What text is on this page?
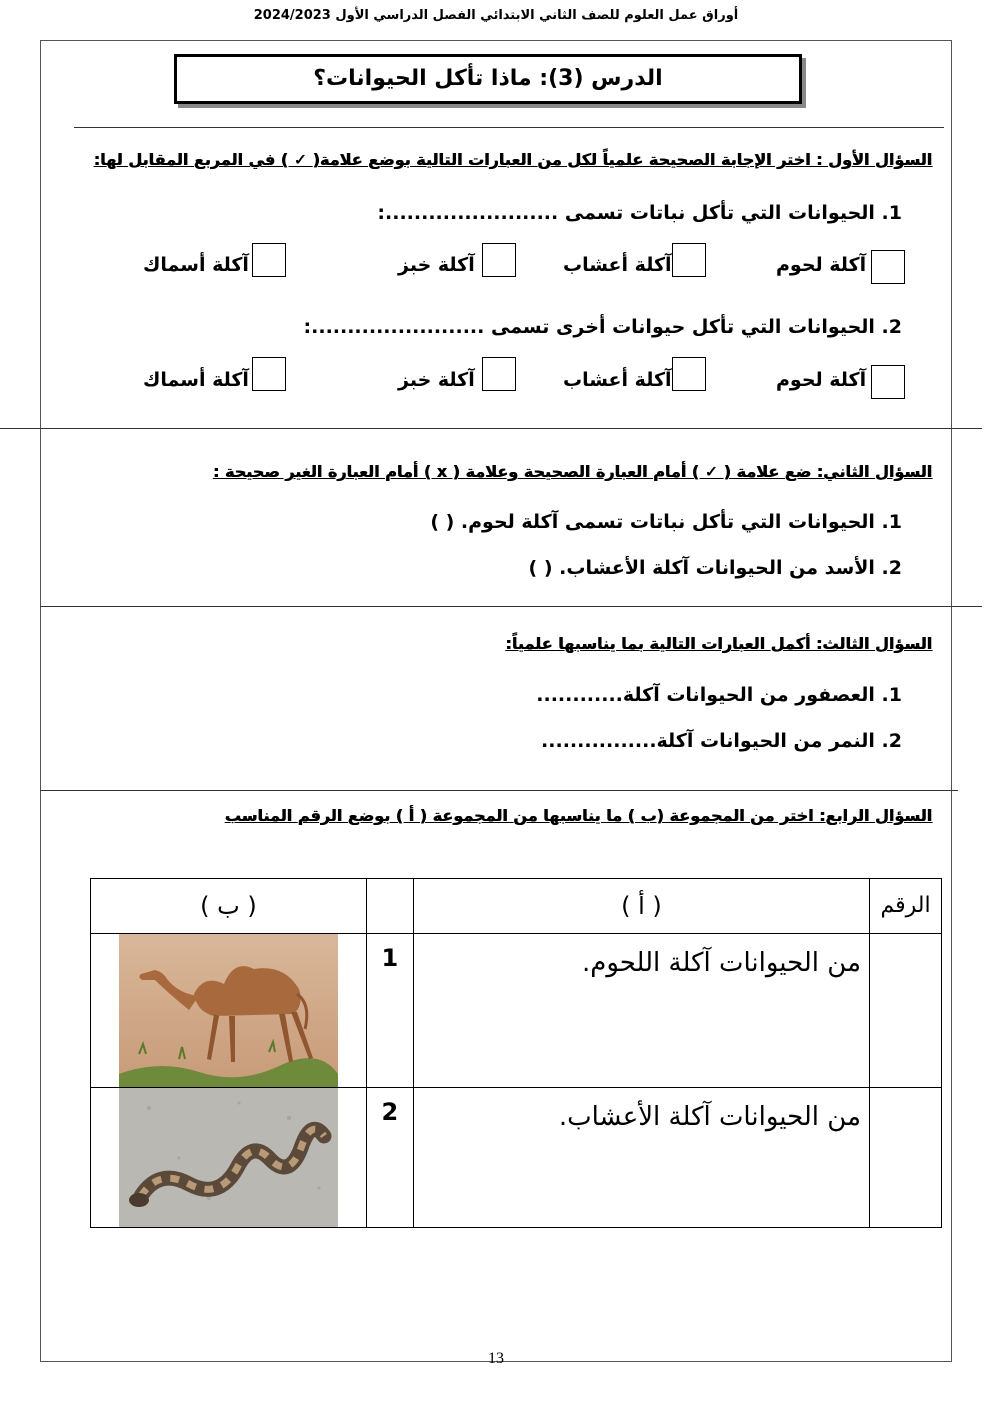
أوراق عمل العلوم للصف الثاني الابتدائي الفصل الدراسي الأول 2024/2023
الدرس (3): ماذا تأكل الحيوانات؟
السؤال الأول : اختر الإجابة الصحيحة علمياً لكل من العبارات التالية بوضع علامة( ✓ ) في المربع المقابل لها:
1. الحيوانات التي تأكل نباتات تسمى ........................:
آكلة لحوم
آكلة أعشاب
آكلة خبز
آكلة أسماك
2. الحيوانات التي تأكل حيوانات أخرى تسمى ........................:
آكلة لحوم
آكلة أعشاب
آكلة خبز
آكلة أسماك
السؤال الثاني: ضع علامة ( ✓ ) أمام العبارة الصحيحة وعلامة ( x ) أمام العبارة الغير صحيحة :
1. الحيوانات التي تأكل نباتات تسمى آكلة لحوم. ( )
2. الأسد من الحيوانات آكلة الأعشاب. ( )
السؤال الثالث: أكمل العبارات التالية بما يناسبها علمياً:
1. العصفور من الحيوانات آكلة............
2. النمر من الحيوانات آكلة................
السؤال الرابع: اختر من المجموعة (ب ) ما يناسبها من المجموعة ( أ ) بوضع الرقم المناسب
( ب )		( أ )	الرقم

	1	من الحيوانات آكلة اللحوم.	

	2	من الحيوانات آكلة الأعشاب.	
13
